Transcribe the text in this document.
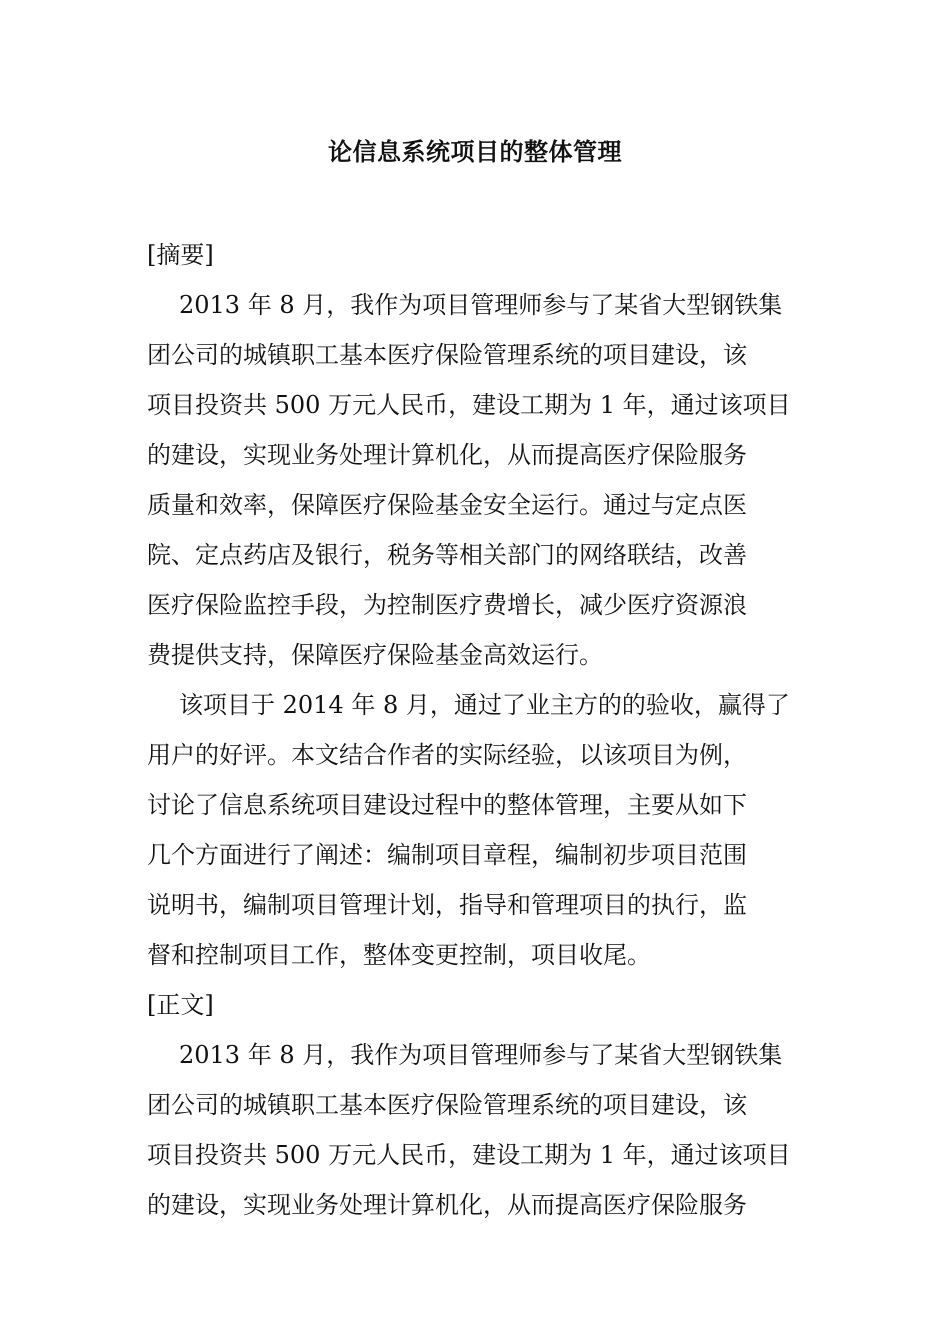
论信息系统项目的整体管理
[摘要]
2013 年 8 月，我作为项目管理师参与了某省大型钢铁集
团公司的城镇职工基本医疗保险管理系统的项目建设，该
项目投资共 500 万元人民币，建设工期为 1 年，通过该项目
的建设，实现业务处理计算机化，从而提高医疗保险服务
质量和效率，保障医疗保险基金安全运行。通过与定点医
院、定点药店及银行，税务等相关部门的网络联结，改善
医疗保险监控手段，为控制医疗费增长，减少医疗资源浪
费提供支持，保障医疗保险基金高效运行。
该项目于 2014 年 8 月，通过了业主方的的验收，赢得了
用户的好评。本文结合作者的实际经验，以该项目为例，
讨论了信息系统项目建设过程中的整体管理，主要从如下
几个方面进行了阐述：编制项目章程，编制初步项目范围
说明书，编制项目管理计划，指导和管理项目的执行，监
督和控制项目工作，整体变更控制，项目收尾。
[正文]
2013 年 8 月，我作为项目管理师参与了某省大型钢铁集
团公司的城镇职工基本医疗保险管理系统的项目建设，该
项目投资共 500 万元人民币，建设工期为 1 年，通过该项目
的建设，实现业务处理计算机化，从而提高医疗保险服务
